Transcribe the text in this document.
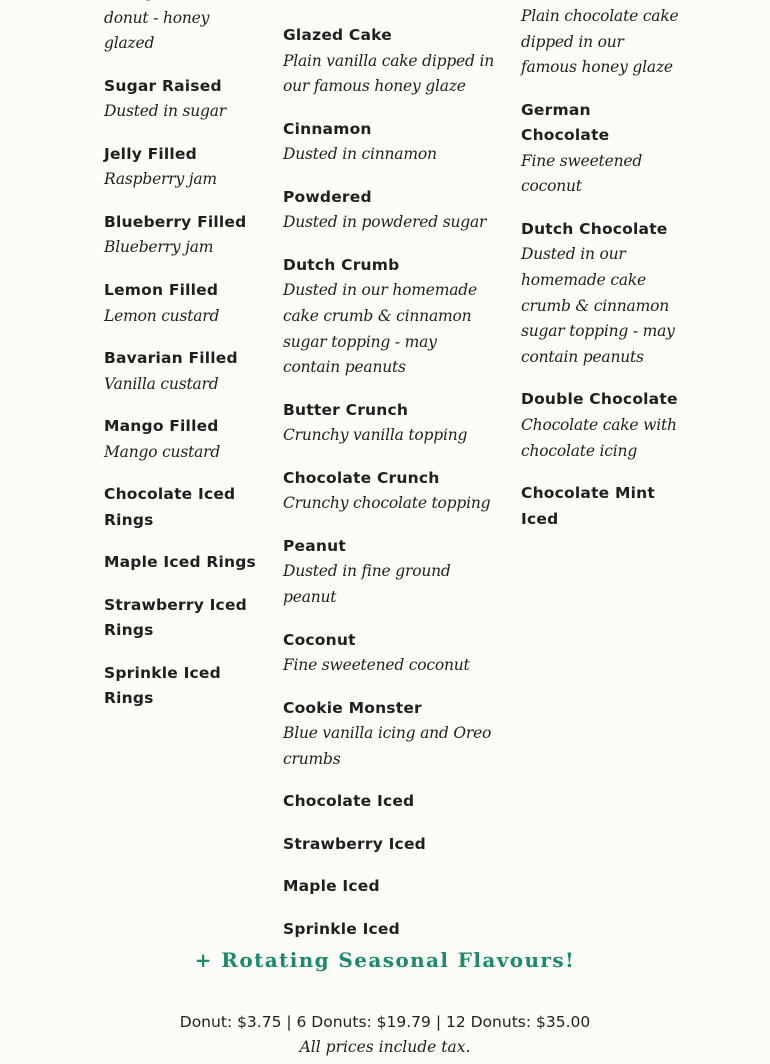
donut - honey glazed
Sugar Raised
Dusted in sugar
Jelly Filled
Raspberry jam
Blueberry Filled
Blueberry jam
Lemon Filled
Lemon custard
Bavarian Filled
Vanilla custard
Mango Filled
Mango custard
Chocolate Iced Rings
Maple Iced Rings
Strawberry Iced Rings
Sprinkle Iced Rings
Glazed Cake
Plain vanilla cake dipped in our famous honey glaze
Cinnamon
Dusted in cinnamon
Powdered
Dusted in powdered sugar
Dutch Crumb
Dusted in our homemade cake crumb & cinnamon sugar topping - may contain peanuts
Butter Crunch
Crunchy vanilla topping
Chocolate Crunch
Crunchy chocolate topping
Peanut
Dusted in fine ground peanut
Coconut
Fine sweetened coconut
Cookie Monster
Blue vanilla icing and Oreo crumbs
Chocolate Iced
Strawberry Iced
Maple Iced
Sprinkle Iced
Plain chocolate cake dipped in our famous honey glaze
German Chocolate
Fine sweetened coconut
Dutch Chocolate
Dusted in our homemade cake crumb & cinnamon sugar topping - may contain peanuts
Double Chocolate
Chocolate cake with chocolate icing
Chocolate Mint Iced
+ Rotating Seasonal Flavours!
Donut: $3.75 | 6 Donuts: $19.79 | 12 Donuts: $35.00
All prices include tax.
